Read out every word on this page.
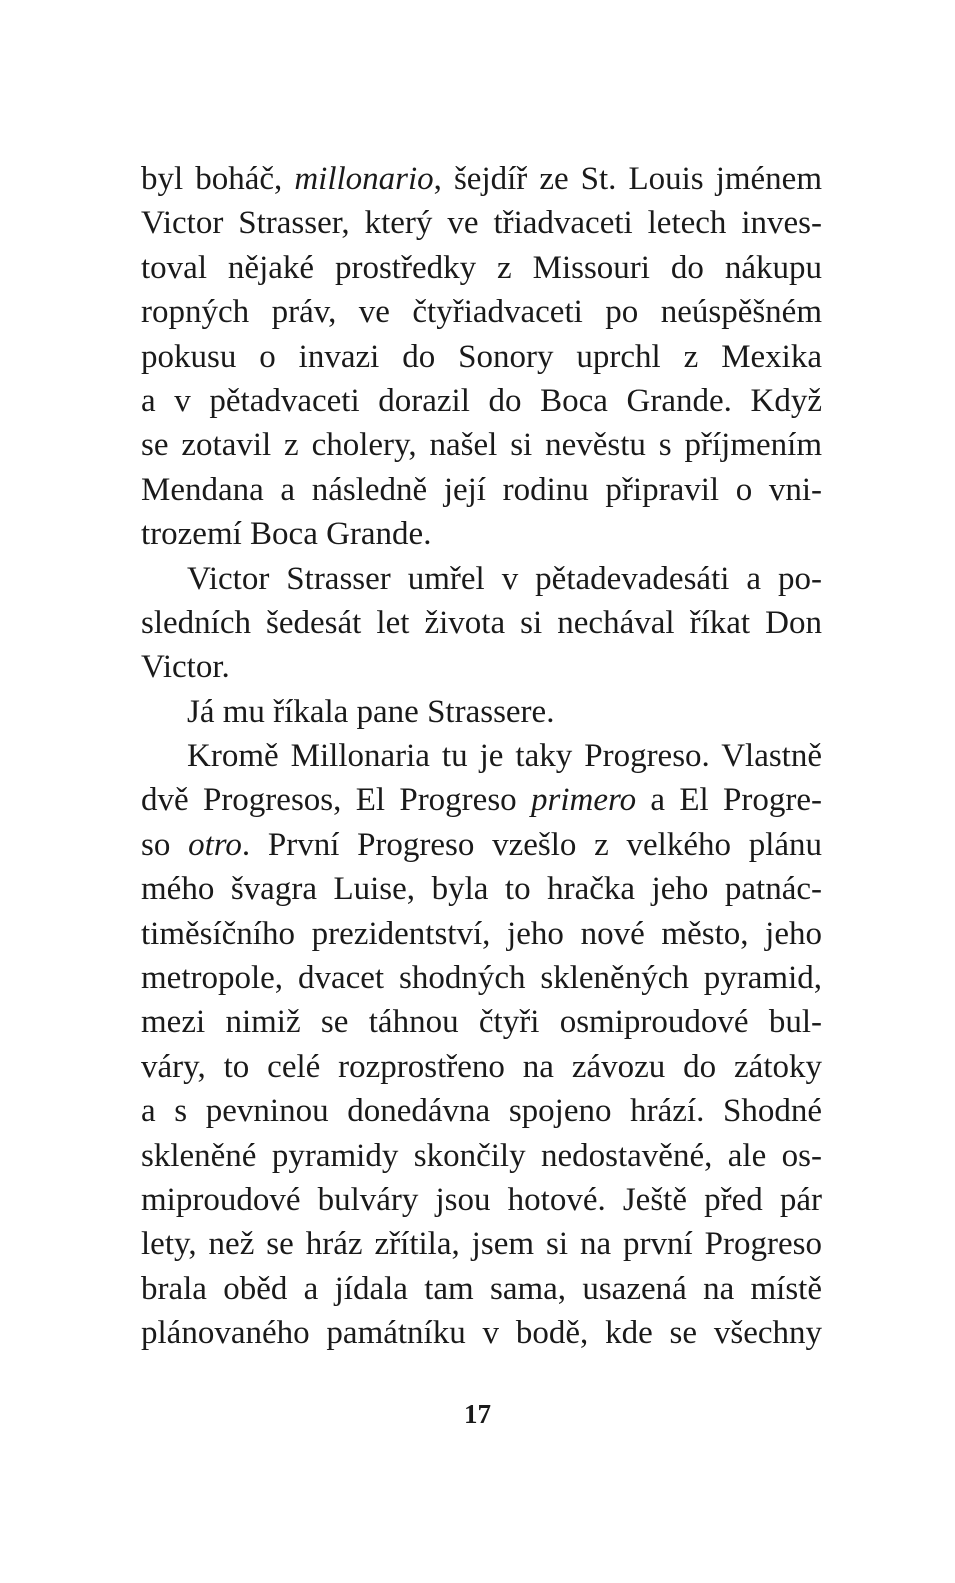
byl boháč, millonario, šejdíř ze St. Louis jménem
Victor Strasser, který ve třiadvaceti letech inves-
toval nějaké prostředky z Missouri do nákupu
ropných práv, ve čtyřiadvaceti po neúspěšném
pokusu o invazi do Sonory uprchl z Mexika
a v pětadvaceti dorazil do Boca Grande. Když
se zotavil z cholery, našel si nevěstu s příjmením
Mendana a následně její rodinu připravil o vni-
trozemí Boca Grande.
Victor Strasser umřel v pětadevadesáti a po-
sledních šedesát let života si nechával říkat Don
Victor.
Já mu říkala pane Strassere.
Kromě Millonaria tu je taky Progreso. Vlastně
dvě Progresos, El Progreso primero a El Progre-
so otro. První Progreso vzešlo z velkého plánu
mého švagra Luise, byla to hračka jeho patnác-
timěsíčního prezidentství, jeho nové město, jeho
metropole, dvacet shodných skleněných pyramid,
mezi nimiž se táhnou čtyři osmiproudové bul-
váry, to celé rozprostřeno na závozu do zátoky
a s pevninou donedávna spojeno hrází. Shodné
skleněné pyramidy skončily nedostavěné, ale os-
miproudové bulváry jsou hotové. Ještě před pár
lety, než se hráz zřítila, jsem si na první Progreso
brala oběd a jídala tam sama, usazená na místě
plánovaného památníku v bodě, kde se všechny
17
